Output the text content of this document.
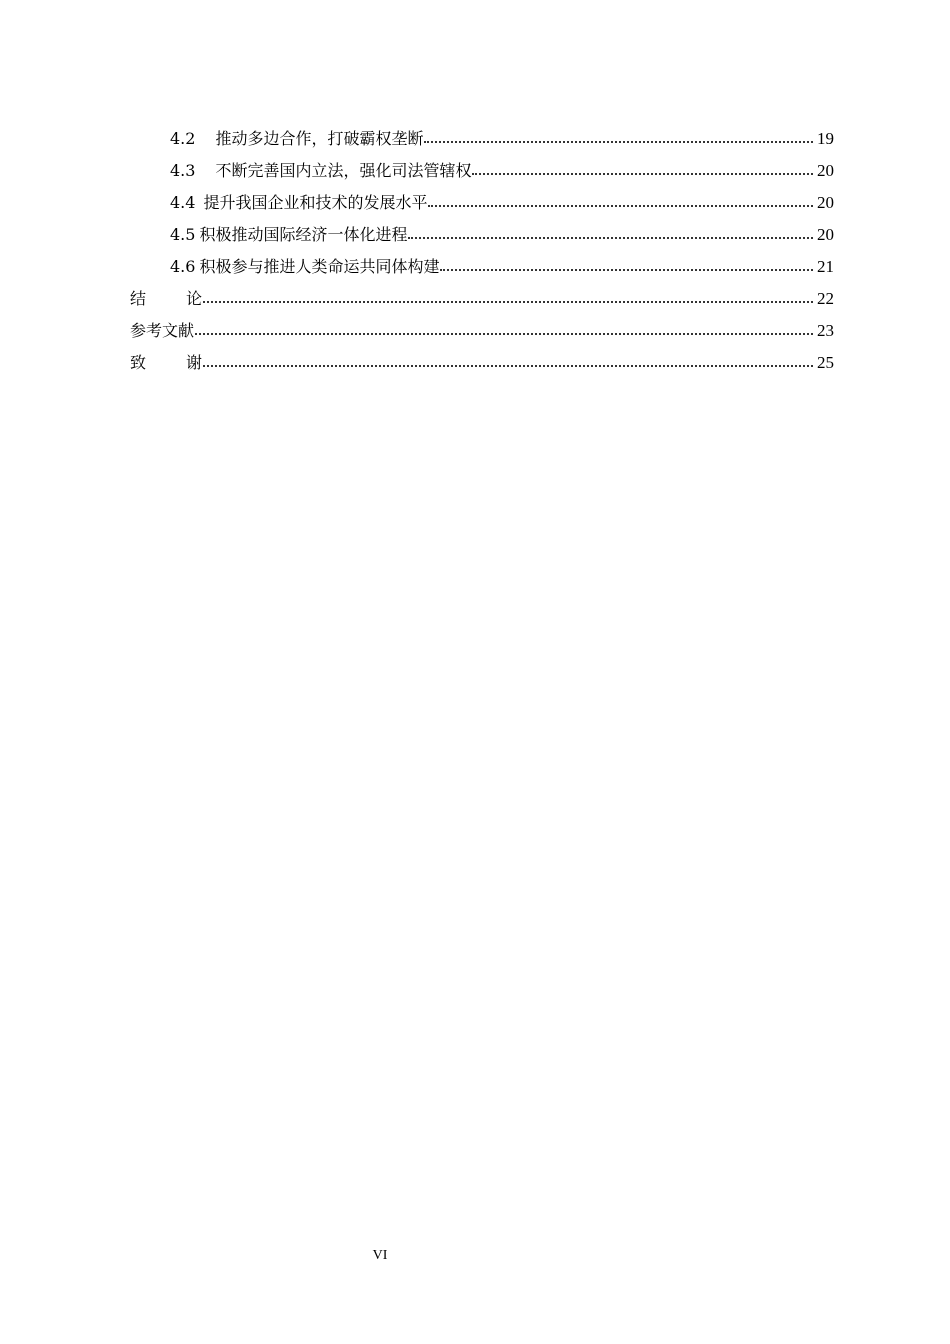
4.2 推动多边合作，打破霸权垄断	19
4.3 不断完善国内立法，强化司法管辖权	20
4.4 提升我国企业和技术的发展水平	20
4.5 积极推动国际经济一体化进程	20
4.6 积极参与推进人类命运共同体构建	21
结论	22
参考文献	23
致谢	25
VI
